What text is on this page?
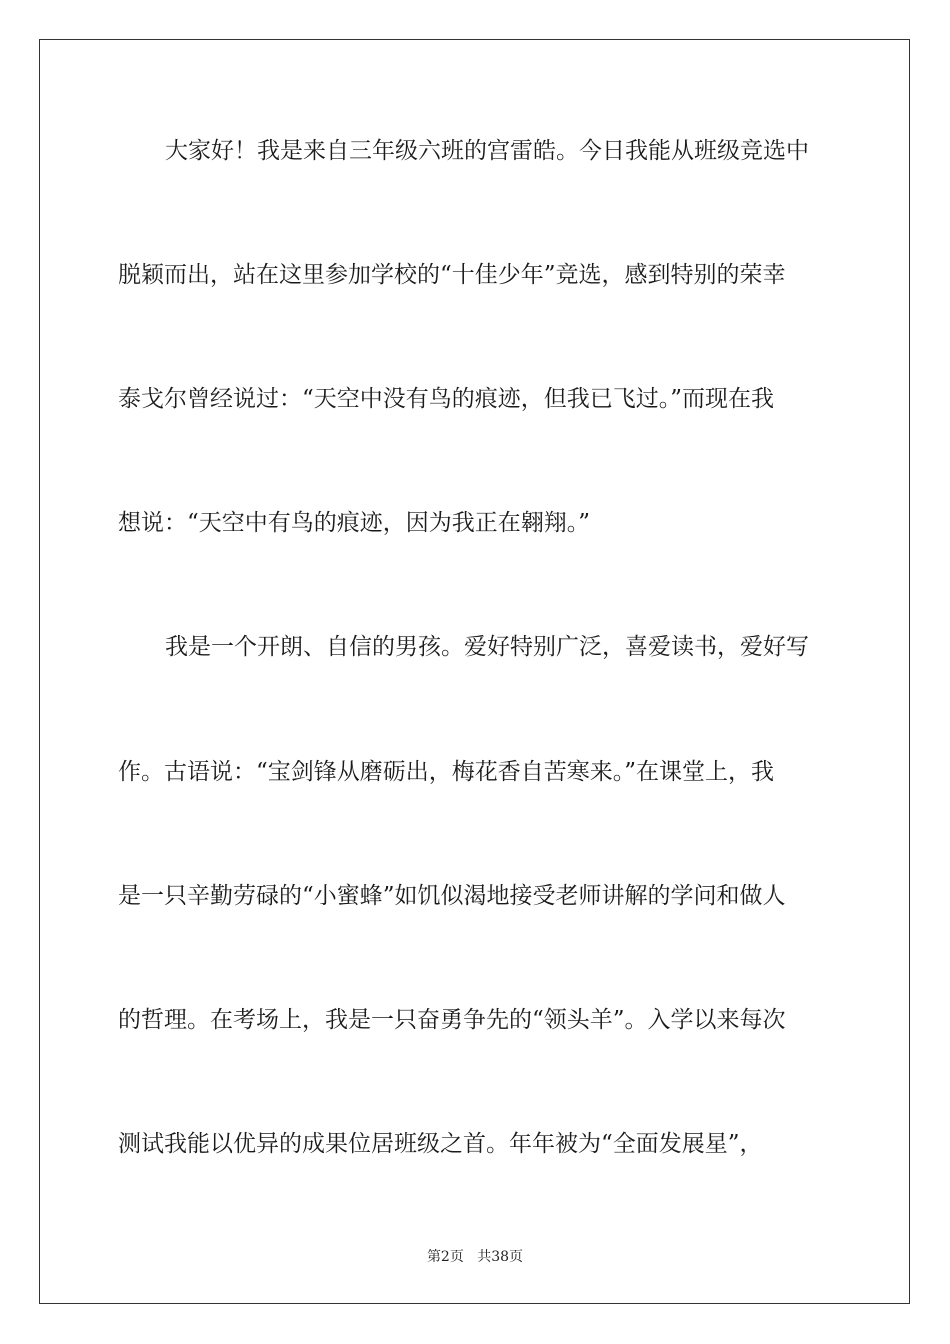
大家好！我是来自三年级六班的宫雷皓。今日我能从班级竞选中
脱颖而出，站在这里参加学校的“十佳少年”竞选，感到特别的荣幸
泰戈尔曾经说过：“天空中没有鸟的痕迹，但我已飞过。”而现在我
想说：“天空中有鸟的痕迹，因为我正在翱翔。”
我是一个开朗、自信的男孩。爱好特别广泛，喜爱读书，爱好写
作。古语说：“宝剑锋从磨砺出，梅花香自苦寒来。”在课堂上，我
是一只辛勤劳碌的“小蜜蜂”如饥似渴地接受老师讲解的学问和做人
的哲理。在考场上，我是一只奋勇争先的“领头羊”。入学以来每次
测试我能以优异的成果位居班级之首。年年被为“全面发展星”，
第2页 共38页
